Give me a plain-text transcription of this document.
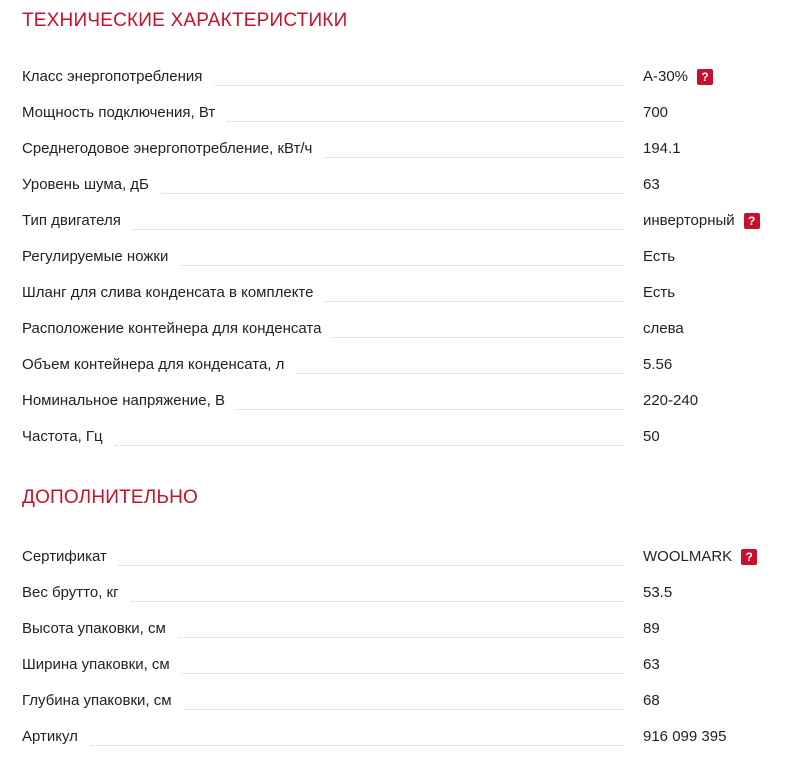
ТЕХНИЧЕСКИЕ ХАРАКТЕРИСТИКИ
Класс энергопотребления	А-30%	?
Мощность подключения, Вт	700
Среднегодовое энергопотребление, кВт/ч	194.1
Уровень шума, дБ	63
Тип двигателя	инверторный	?
Регулируемые ножки	Есть
Шланг для слива конденсата в комплекте	Есть
Расположение контейнера для конденсата	слева
Объем контейнера для конденсата, л	5.56
Номинальное напряжение, В	220-240
Частота, Гц	50
ДОПОЛНИТЕЛЬНО
Сертификат	WOOLMARK	?
Вес брутто, кг	53.5
Высота упаковки, см	89
Ширина упаковки, см	63
Глубина упаковки, см	68
Артикул	916 099 395
